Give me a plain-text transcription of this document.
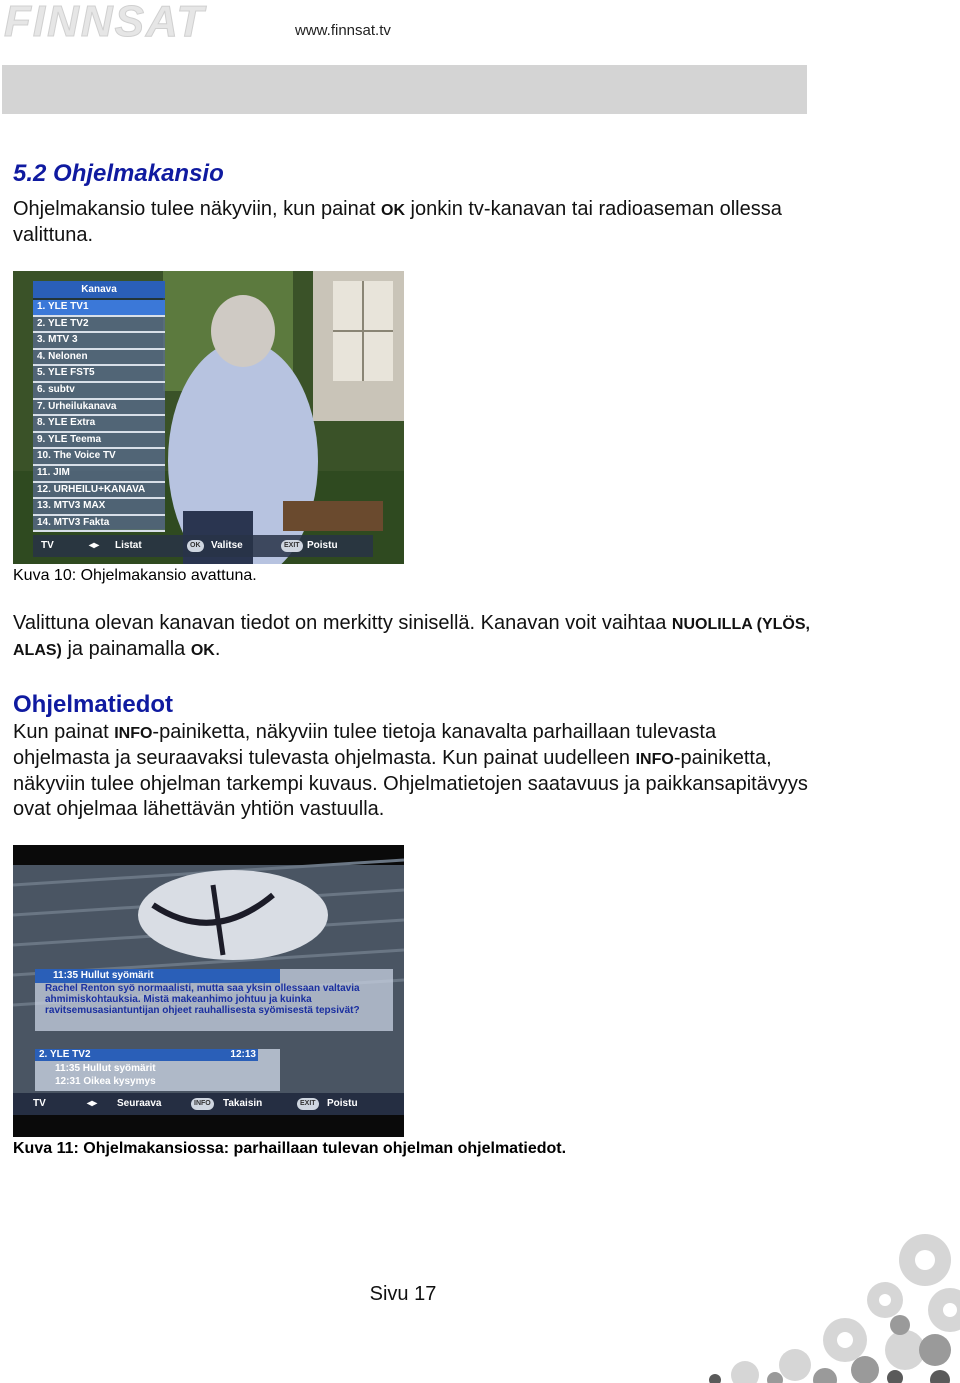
FINNSAT	www.finnsat.tv
5.2 Ohjelmakansio

Ohjelmakansio tulee näkyviin, kun painat OK jonkin tv-kanavan tai radioaseman ollessa valittuna.

Kanava
1. YLE TV1
2. YLE TV2
3. MTV 3
4. Nelonen
5. YLE FST5
6. subtv
7. Urheilukanava
8. YLE Extra
9. YLE Teema
10. The Voice TV
11. JIM
12. URHEILU+KANAVA
13. MTV3 MAX
14. MTV3 Fakta
TV	◂▸ Listat	OK	Valitse	EXIT Poistu

Kuva 10: Ohjelmakansio avattuna.

Valittuna olevan kanavan tiedot on merkitty sinisellä. Kanavan voit vaihtaa NUOLILLA (YLÖS, ALAS) ja painamalla OK.

Ohjelmatiedot

Kun painat INFO-painiketta, näkyviin tulee tietoja kanavalta parhaillaan tulevasta ohjelmasta ja seuraavaksi tulevasta ohjelmasta. Kun painat uudelleen INFO-painiketta, näkyviin tulee ohjelman tarkempi kuvaus. Ohjelmatietojen saatavuus ja paikkansapitävyys ovat ohjelmaa lähettävän yhtiön vastuulla.

11:35 Hullut syömärit
Rachel Renton syö normaalisti, mutta saa yksin ollessaan valtavia ahmimiskohtauksia. Mistä makeanhimo johtuu ja kuinka ravitsemusasiantuntijan ohjeet rauhallisesta syömisestä tepsivät?
2. YLE TV2	12:13
11:35 Hullut syömärit
12:31 Oikea kysymys
TV	◂▸ Seuraava	INFO	Takaisin	EXIT	Poistu

Kuva 11: Ohjelmakansiossa: parhaillaan tulevan ohjelman ohjelmatiedot.

Sivu 17
